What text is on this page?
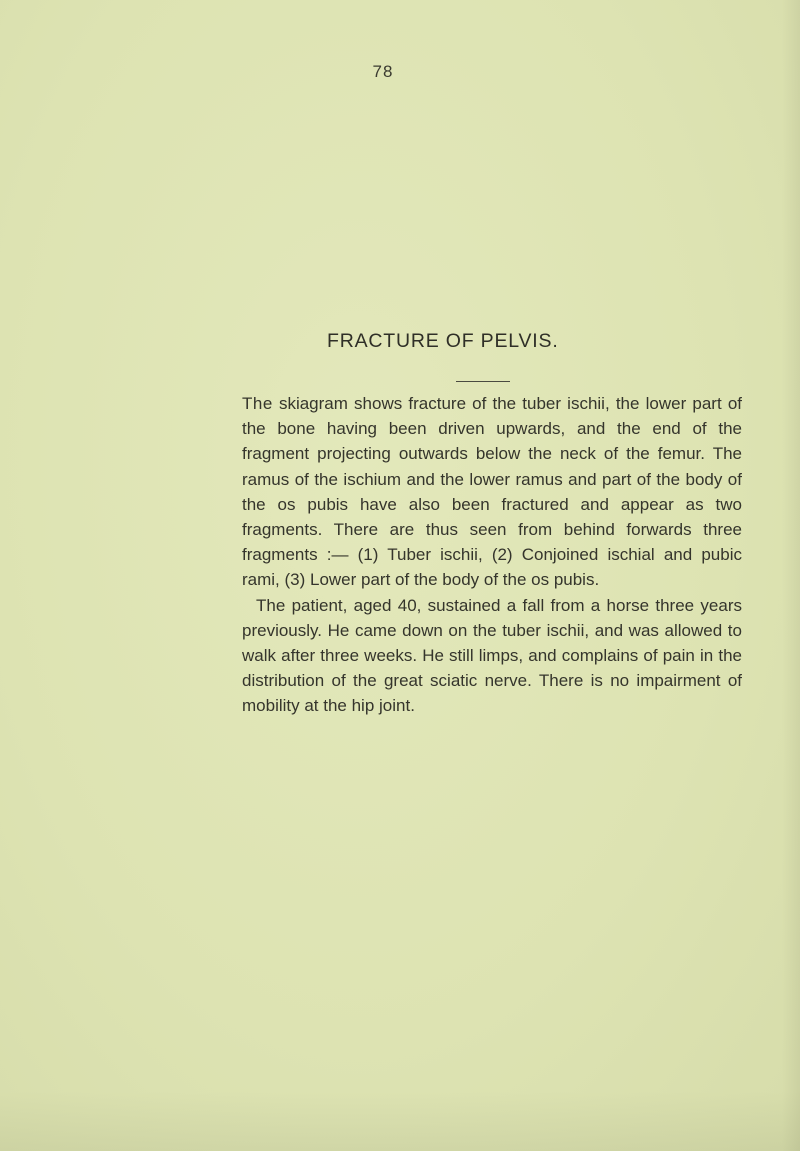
78
FRACTURE OF PELVIS.

The skiagram shows fracture of the tuber ischii, the lower part of the bone having been driven upwards, and the end of the fragment projecting outwards below the neck of the femur. The ramus of the ischium and the lower ramus and part of the body of the os pubis have also been fractured and appear as two fragments. There are thus seen from behind forwards three fragments :— (1) Tuber ischii, (2) Conjoined ischial and pubic rami, (3) Lower part of the body of the os pubis.

The patient, aged 40, sustained a fall from a horse three years previously. He came down on the tuber ischii, and was allowed to walk after three weeks. He still limps, and complains of pain in the distribution of the great sciatic nerve. There is no impairment of mobility at the hip joint.
